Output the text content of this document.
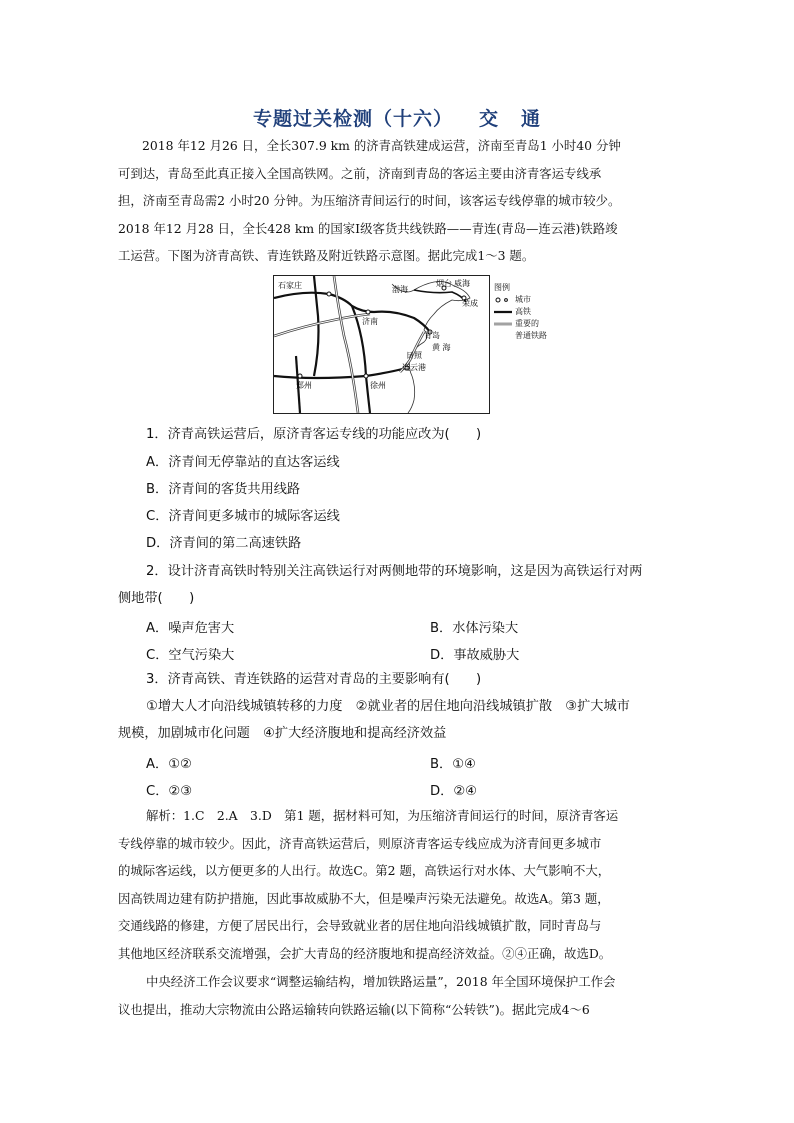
专题过关检测（十六） 交 通
2018 年12 月26 日，全长307.9 km 的济青高铁建成运营，济南至青岛1 小时40 分钟
可到达，青岛至此真正接入全国高铁网。之前，济南到青岛的客运主要由济青客运专线承
担，济南至青岛需2 小时20 分钟。为压缩济青间运行的时间，该客运专线停靠的城市较少。
2018 年12 月28 日，全长428 km 的国家Ⅰ级客货共线铁路——青连(青岛—连云港)铁路竣
工运营。下图为济青高铁、青连铁路及附近铁路示意图。据此完成1～3 题。
石家庄
济南
渤海
烟台 威海
荣成
青岛
黄 海
日照
连云港
郑州	徐州
图例
城市
高铁
重要的
普通铁路
1．济青高铁运营后，原济青客运专线的功能应改为(　　)
A．济青间无停靠站的直达客运线
B．济青间的客货共用线路
C．济青间更多城市的城际客运线
D．济青间的第二高速铁路
2．设计济青高铁时特别关注高铁运行对两侧地带的环境影响，这是因为高铁运行对两
侧地带(　　)
A．噪声危害大	B．水体污染大
C．空气污染大	D．事故威胁大
3．济青高铁、青连铁路的运营对青岛的主要影响有(　　)
①增大人才向沿线城镇转移的力度　②就业者的居住地向沿线城镇扩散　③扩大城市
规模，加剧城市化问题　④扩大经济腹地和提高经济效益
A．①②	B．①④
C．②③	D．②④
解析：1.C　2.A　3.D　第1 题，据材料可知，为压缩济青间运行的时间，原济青客运
专线停靠的城市较少。因此，济青高铁运营后，则原济青客运专线应成为济青间更多城市
的城际客运线，以方便更多的人出行。故选C。第2 题，高铁运行对水体、大气影响不大，
因高铁周边建有防护措施，因此事故威胁不大，但是噪声污染无法避免。故选A。第3 题，
交通线路的修建，方便了居民出行，会导致就业者的居住地向沿线城镇扩散，同时青岛与
其他地区经济联系交流增强，会扩大青岛的经济腹地和提高经济效益。②④正确，故选D。
中央经济工作会议要求“调整运输结构，增加铁路运量”，2018 年全国环境保护工作会
议也提出，推动大宗物流由公路运输转向铁路运输(以下简称“公转铁”)。据此完成4～6
